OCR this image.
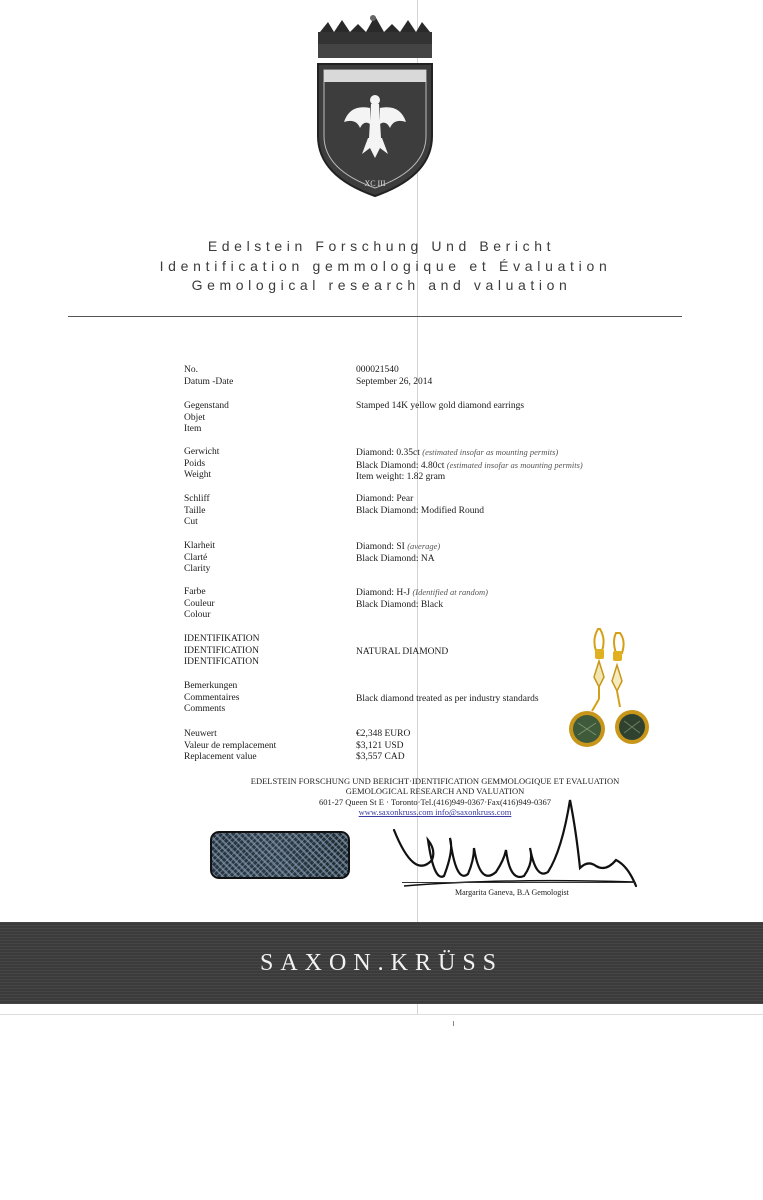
XC III
Edelstein Forschung Und Bericht
Identification gemmologique et Évaluation
Gemological research and valuation
No.
Datum -Date
000021540
September 26, 2014
Gegenstand
Objet
Item
Stamped 14K yellow gold diamond earrings
Gerwicht
Poids
Weight
Diamond: 0.35ct (estimated insofar as mounting permits)
Black Diamond: 4.80ct (estimated insofar as mounting permits)
Item weight: 1.82 gram
Schliff
Taille
Cut
Diamond: Pear
Black Diamond: Modified Round
Klarheit
Clarté
Clarity
Diamond: SI (average)
Black Diamond: NA
Farbe
Couleur
Colour
Diamond: H-J (Identified at random)
Black Diamond: Black
IDENTIFIKATION
IDENTIFICATION
IDENTIFICATION
NATURAL DIAMOND
Bemerkungen
Commentaires
Comments
Black diamond treated as per industry standards
Neuwert
Valeur de remplacement
Replacement value
€2,348 EURO
$3,121 USD
$3,557 CAD
EDELSTEIN FORSCHUNG UND BERICHT·IDENTIFICATION GEMMOLOGIQUE ET EVALUATION
GEMOLOGICAL RESEARCH AND VALUATION
601-27 Queen St E · Toronto·Tel.(416)949-0367·Fax(416)949-0367
www.saxonkruss.com info@saxonkruss.com
Margarita Ganeva, B.A Gemologist
SAXON.KRÜSS
